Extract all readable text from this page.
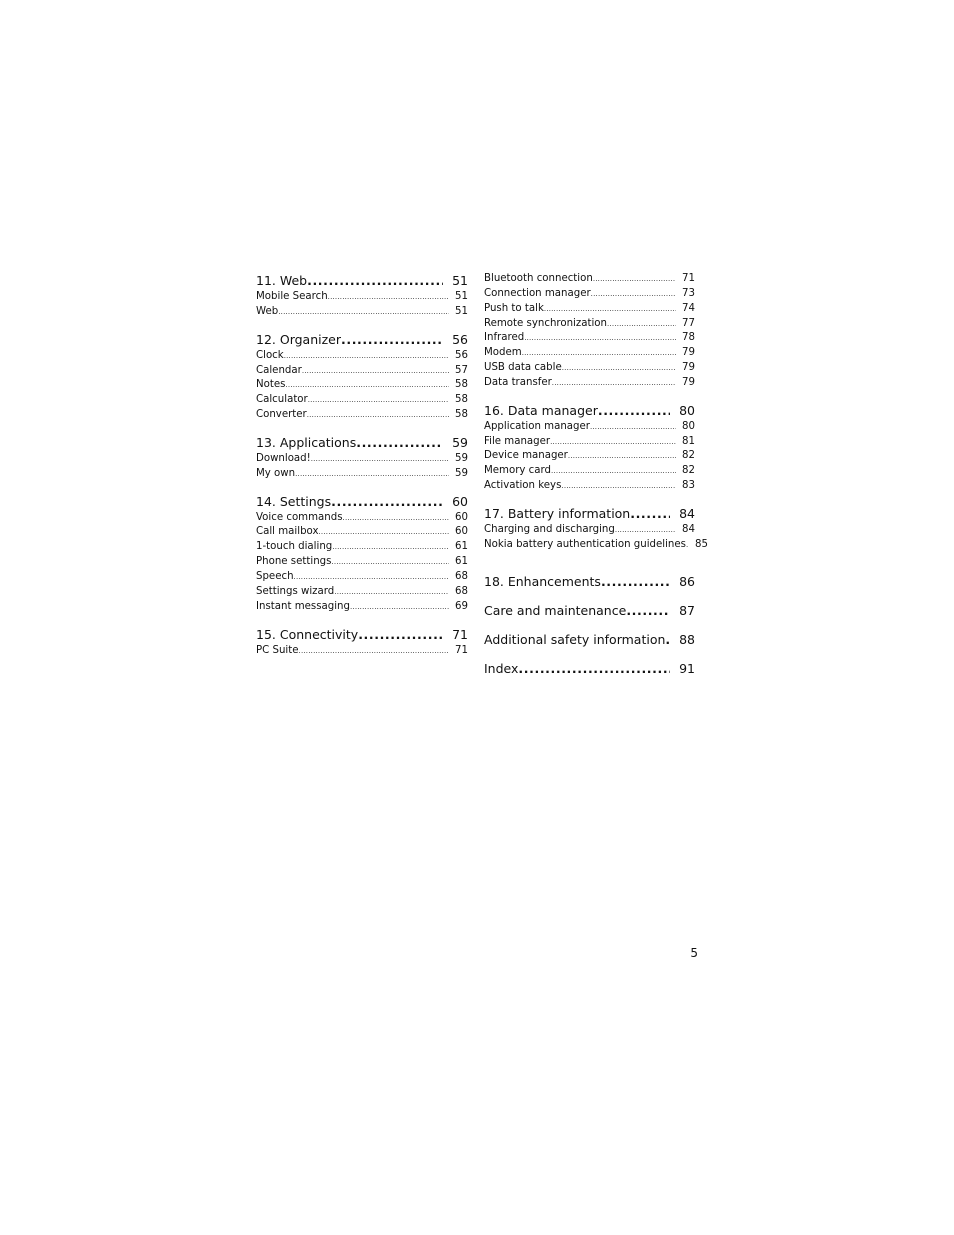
11. Web .....	51
Mobile Search .....	51
Web .....	51
12. Organizer .....	56
Clock .....	56
Calendar .....	57
Notes .....	58
Calculator .....	58
Converter .....	58
13. Applications .....	59
Download! .....	59
My own .....	59
14. Settings .....	60
Voice commands .....	60
Call mailbox .....	60
1-touch dialing .....	61
Phone settings .....	61
Speech .....	68
Settings wizard .....	68
Instant messaging .....	69
15. Connectivity .....	71
PC Suite .....	71
Bluetooth connection .....	71
Connection manager .....	73
Push to talk .....	74
Remote synchronization .....	77
Infrared .....	78
Modem .....	79
USB data cable .....	79
Data transfer .....	79
16. Data manager .....	80
Application manager .....	80
File manager .....	81
Device manager .....	82
Memory card .....	82
Activation keys .....	83
17. Battery information .....	84
Charging and discharging .....	84
Nokia battery authentication guidelines ..... 85
18. Enhancements .....	86
Care and maintenance .....	87
Additional safety information .....	88
Index .....	91
5
